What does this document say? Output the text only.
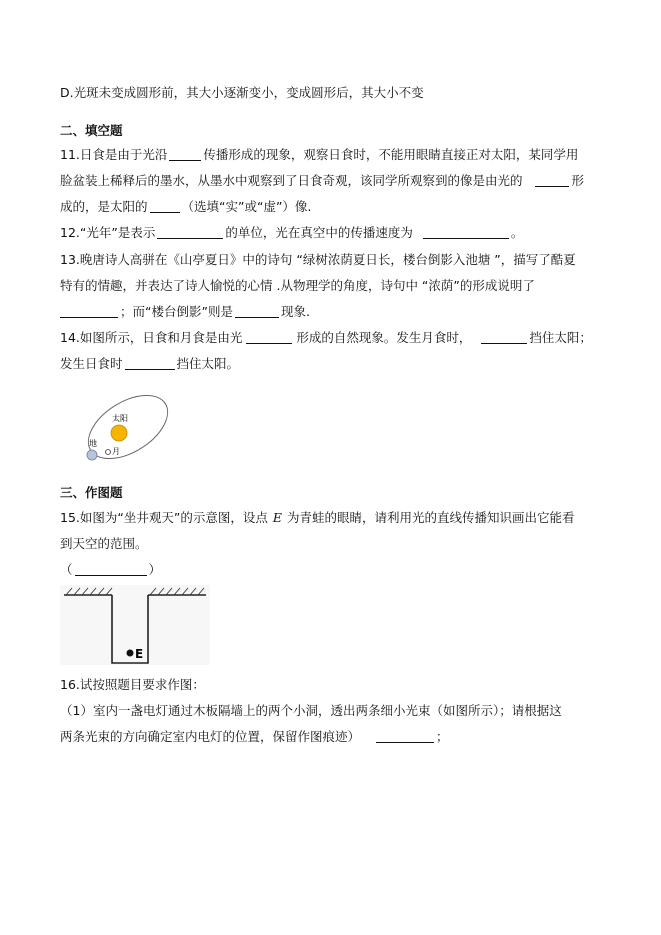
D.光斑未变成圆形前，其大小逐渐变小，变成圆形后，其大小不变
二、填空题
11.日食是由于光沿	传播形成的现象，观察日食时，不能用眼睛直接正对太阳，某同学用
脸盆装上稀释后的墨水，从墨水中观察到了日食奇观，该同学所观察到的像是由光的	形
成的，是太阳的	（选填“实”或“虚”）像.
12.“光年”是表示	的单位，光在真空中的传播速度为	。
13.晚唐诗人高骈在《山亭夏日》中的诗句 “绿树浓荫夏日长，楼台倒影入池塘 ”，描写了酷夏
特有的情趣，并表达了诗人愉悦的心情 .从物理学的角度，诗句中 “浓荫”的形成说明了
；而“楼台倒影”则是	现象.
14.如图所示，日食和月食是由光	形成的自然现象。发生月食时，	挡住太阳；
发生日食时	挡住太阳。
太阳
地
月
三、作图题
15.如图为“坐井观天”的示意图，设点 E 为青蛙的眼睛，请利用光的直线传播知识画出它能看
到天空的范围。
（	）
E
16.试按照题目要求作图：
（1）室内一盏电灯通过木板隔墙上的两个小洞，透出两条细小光束（如图所示）；请根据这
两条光束的方向确定室内电灯的位置，保留作图痕迹）	；
